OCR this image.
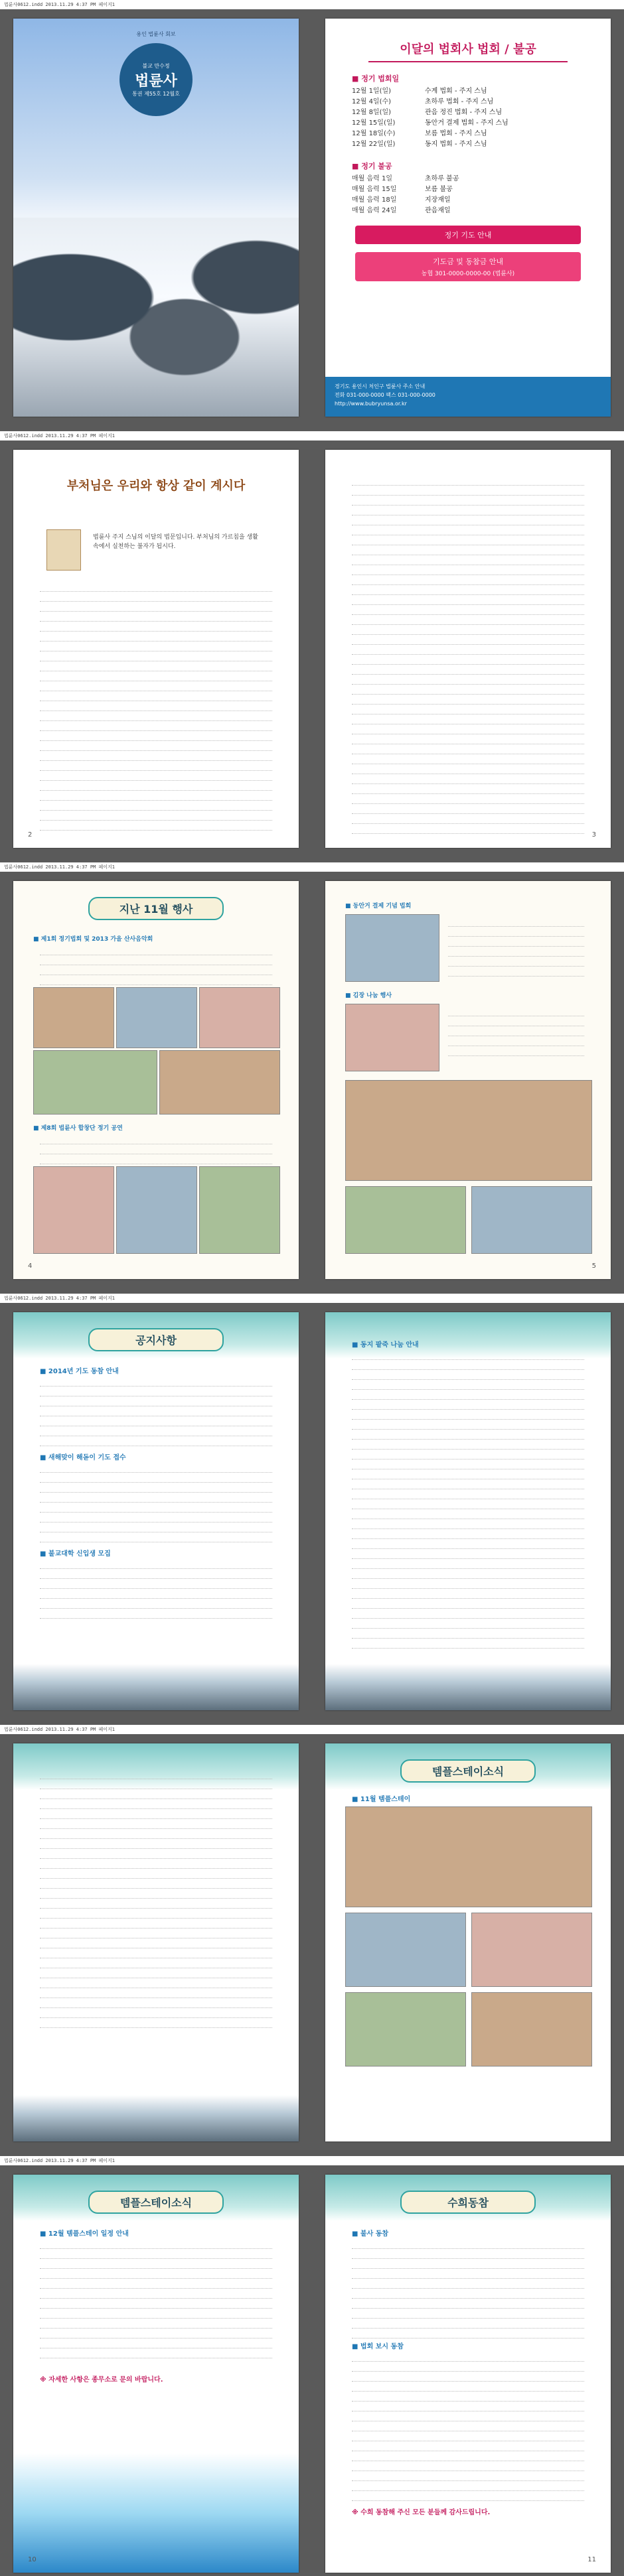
법륜사0612.indd 2013.11.29 4:37 PM 페이지1
용인 법륜사 회보
불교 만수정
법륜사
통권 제55호 12월호
이달의 법회사 법회 / 불공
■ 정기 법회일
12월 1일(일)	수계 법회 - 주지 스님
12월 4일(수)	초하루 법회 - 주지 스님
12월 8일(일)	관음 정진 법회 - 주지 스님
12월 15일(일)	동안거 결제 법회 - 주지 스님
12월 18일(수)	보름 법회 - 주지 스님
12월 22일(일)	동지 법회 - 주지 스님
■ 정기 불공
매월 음력 1일	초하루 불공
매월 음력 15일	보름 불공
매월 음력 18일	지장재일
매월 음력 24일	관음재일
정기 기도 안내
기도금 및 동참금 안내
농협 301-0000-0000-00 (법륜사)
경기도 용인시 처인구 법륜사 주소 안내
전화 031-000-0000 팩스 031-000-0000
http://www.bubryunsa.or.kr
법륜사0612.indd 2013.11.29 4:37 PM 페이지1
부처님은 우리와 항상 같이 계시다
법륜사 주지 스님의 이달의 법문입니다. 부처님의 가르침을 생활 속에서 실천하는 불자가 됩시다.
2	3
법륜사0612.indd 2013.11.29 4:37 PM 페이지1
지난 11월 행사
■ 제1회 정기법회 및 2013 가을 산사음악회
■ 제8회 법륜사 합창단 정기 공연
4
■ 동안거 결제 기념 법회
■ 김장 나눔 행사
5
법륜사0612.indd 2013.11.29 4:37 PM 페이지1
공지사항
■ 2014년 기도 동참 안내
■ 새해맞이 해돋이 기도 접수
■ 불교대학 신입생 모집
■ 동지 팥죽 나눔 안내
법륜사0612.indd 2013.11.29 4:37 PM 페이지1
템플스테이소식
■ 11월 템플스테이
법륜사0612.indd 2013.11.29 4:37 PM 페이지1
템플스테이소식
■ 12월 템플스테이 일정 안내
※ 자세한 사항은 종무소로 문의 바랍니다.
10
수희동참
■ 불사 동참
■ 법회 보시 동참
※ 수희 동참해 주신 모든 분들께 감사드립니다.
11
